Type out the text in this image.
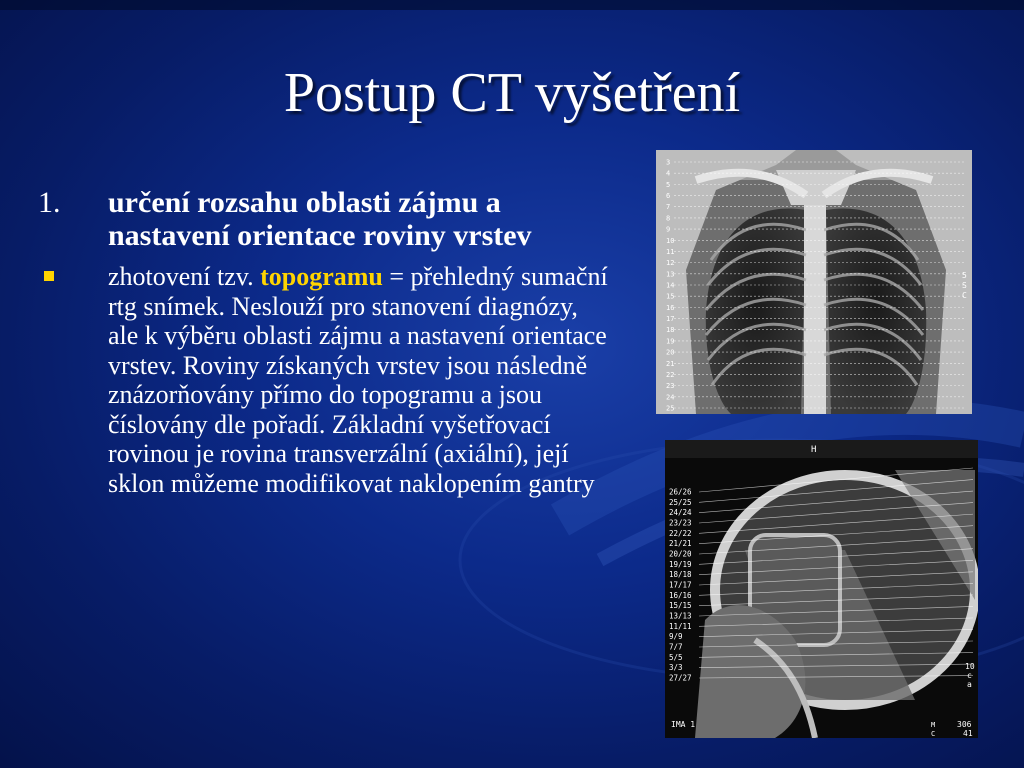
Postup CT vyšetření
1.	určení rozsahu oblasti zájmu a nastavení orientace roviny vrstev
zhotovení tzv. topogramu = přehledný sumační rtg snímek. Neslouží pro stanovení diagnózy, ale k výběru oblasti zájmu a nastavení orientace vrstev. Roviny získaných vrstev jsou následně znázorňovány přímo do topogramu a jsou číslovány dle pořadí. Základní vyšetřovací rovinou je rovina transverzální (axiální), její sklon můžeme modifikovat naklopením gantry
3
4
5
6
7
8
9
10
11
12
13
14
15
16
17
18
19
20
21
22
23
24
25
5
S
C
26/26
25/25
24/24
23/23
22/22
21/21
20/20
19/19
18/18
17/17
16/16
15/15
13/13
11/11
9/9
7/7
5/5
3/3
27/27
H
IMA 1	306
41
10
c
a
M
C
